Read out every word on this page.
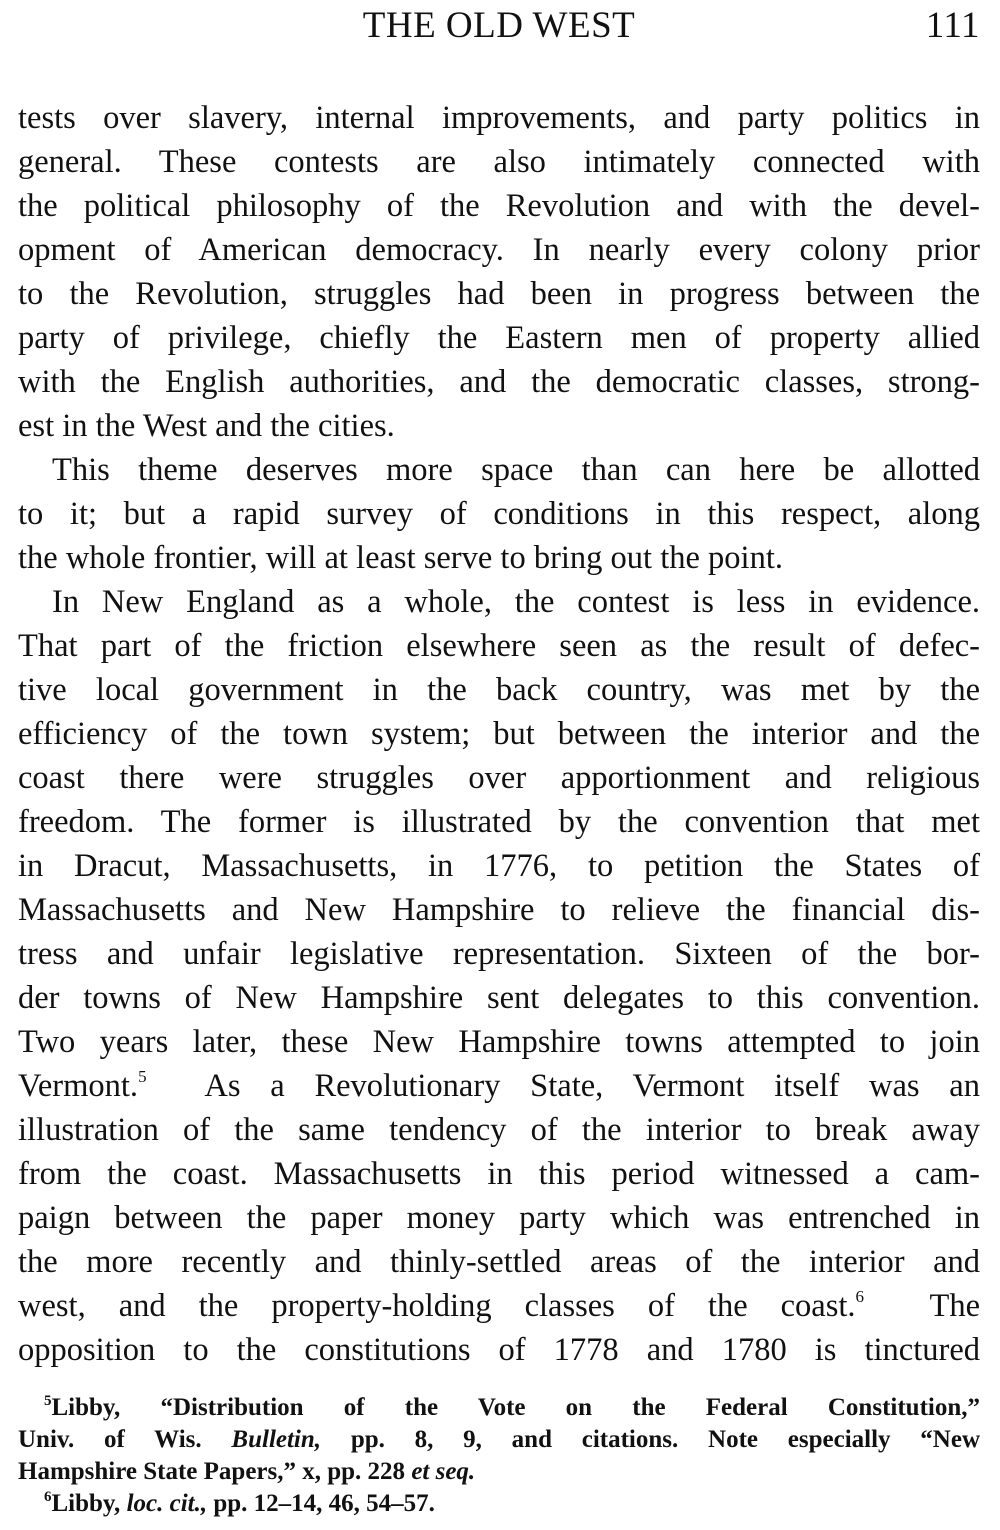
THE OLD WEST	111
tests over slavery, internal improvements, and party politics in
general. These contests are also intimately connected with
the political philosophy of the Revolution and with the devel-
opment of American democracy. In nearly every colony prior
to the Revolution, struggles had been in progress between the
party of privilege, chiefly the Eastern men of property allied
with the English authorities, and the democratic classes, strong-
est in the West and the cities.
This theme deserves more space than can here be allotted
to it; but a rapid survey of conditions in this respect, along
the whole frontier, will at least serve to bring out the point.
In New England as a whole, the contest is less in evidence.
That part of the friction elsewhere seen as the result of defec-
tive local government in the back country, was met by the
efficiency of the town system; but between the interior and the
coast there were struggles over apportionment and religious
freedom. The former is illustrated by the convention that met
in Dracut, Massachusetts, in 1776, to petition the States of
Massachusetts and New Hampshire to relieve the financial dis-
tress and unfair legislative representation. Sixteen of the bor-
der towns of New Hampshire sent delegates to this convention.
Two years later, these New Hampshire towns attempted to join
Vermont.$^5$ As a Revolutionary State, Vermont itself was an
illustration of the same tendency of the interior to break away
from the coast. Massachusetts in this period witnessed a cam-
paign between the paper money party which was entrenched in
the more recently and thinly-settled areas of the interior and
west, and the property-holding classes of the coast.$^6$ The
opposition to the constitutions of 1778 and 1780 is tinctured
$^5$Libby, “Distribution of the Vote on the Federal Constitution,”
Univ. of Wis. Bulletin, pp. 8, 9, and citations. Note especially “New
Hampshire State Papers,” x, pp. 228 et seq.
$^6$Libby, loc. cit., pp. 12–14, 46, 54–57.
